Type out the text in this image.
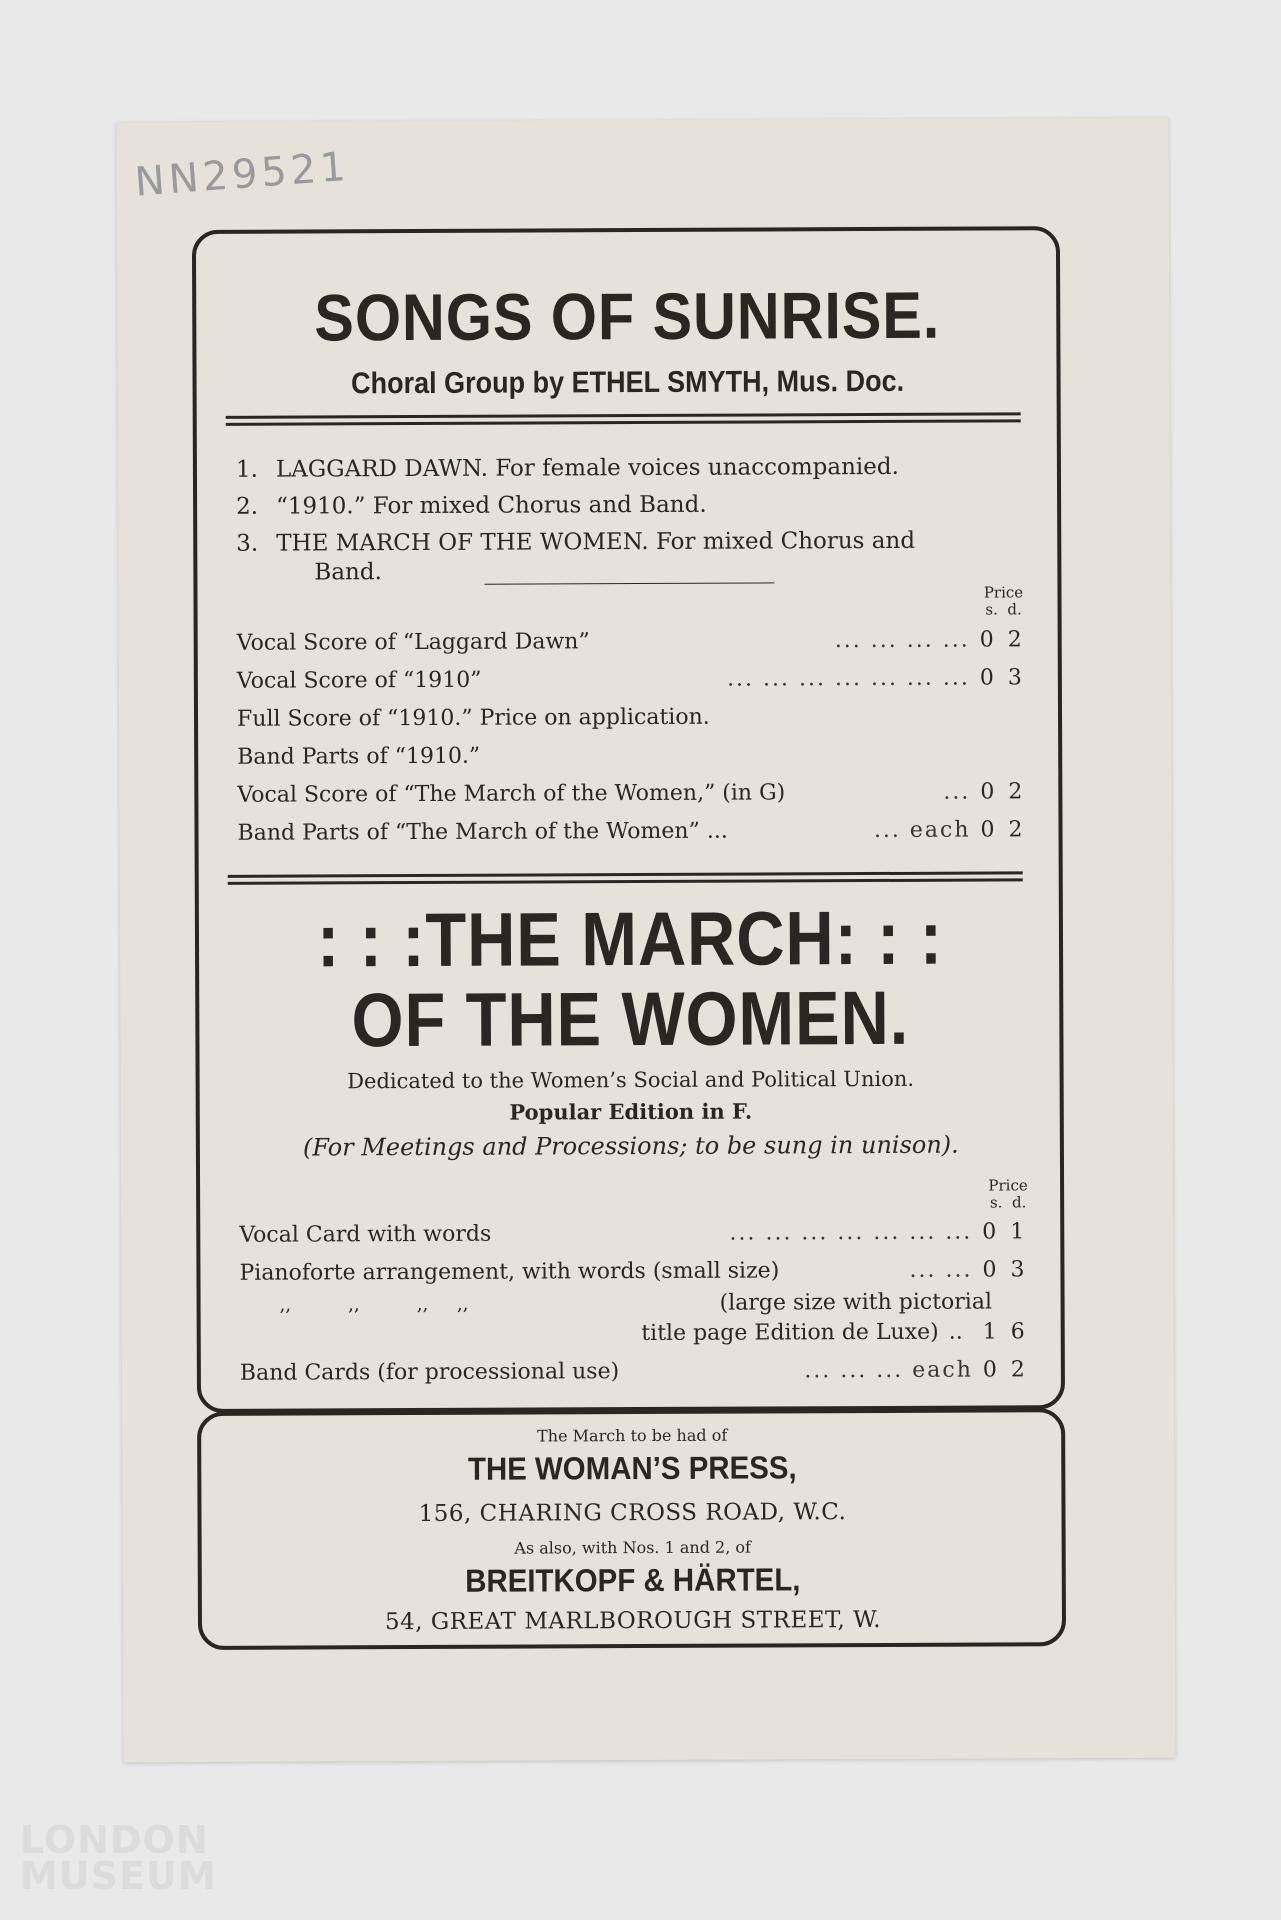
LONDON
MUSEUM
NN29521
SONGS OF SUNRISE.
Choral Group by ETHEL SMYTH, Mus. Doc.
1. LAGGARD DAWN. For female voices unaccompanied.
2. “1910.” For mixed Chorus and Band.
3. THE MARCH OF THE WOMEN. For mixed Chorus and
Band.
Price
s. d.
Vocal Score of “Laggard Dawn”	... ... ... ... 0 2
Vocal Score of “1910”	... ... ... ... ... ... ... 0 3
Full Score of “1910.” Price on application.
Band Parts of “1910.”
Vocal Score of “The March of the Women,” (in G)	... 0 2
Band Parts of “The March of the Women” ...	... each 0 2
: : :THE MARCH: : :
OF THE WOMEN.
Dedicated to the Women’s Social and Political Union.
Popular Edition in F.
(For Meetings and Processions; to be sung in unison).
Price
s. d.
Vocal Card with words	... ... ... ... ... ... ... 0 1
Pianoforte arrangement, with words (small size)	... ... 0 3
,,          ,,          ,,     ,,	(large size with pictorial
title page Edition de Luxe) .. 1 6
Band Cards (for processional use)	... ... ... each 0 2
The March to be had of
THE WOMAN’S PRESS,
156, CHARING CROSS ROAD, W.C.
As also, with Nos. 1 and 2, of
BREITKOPF & HÄRTEL,
54, GREAT MARLBOROUGH STREET, W.
